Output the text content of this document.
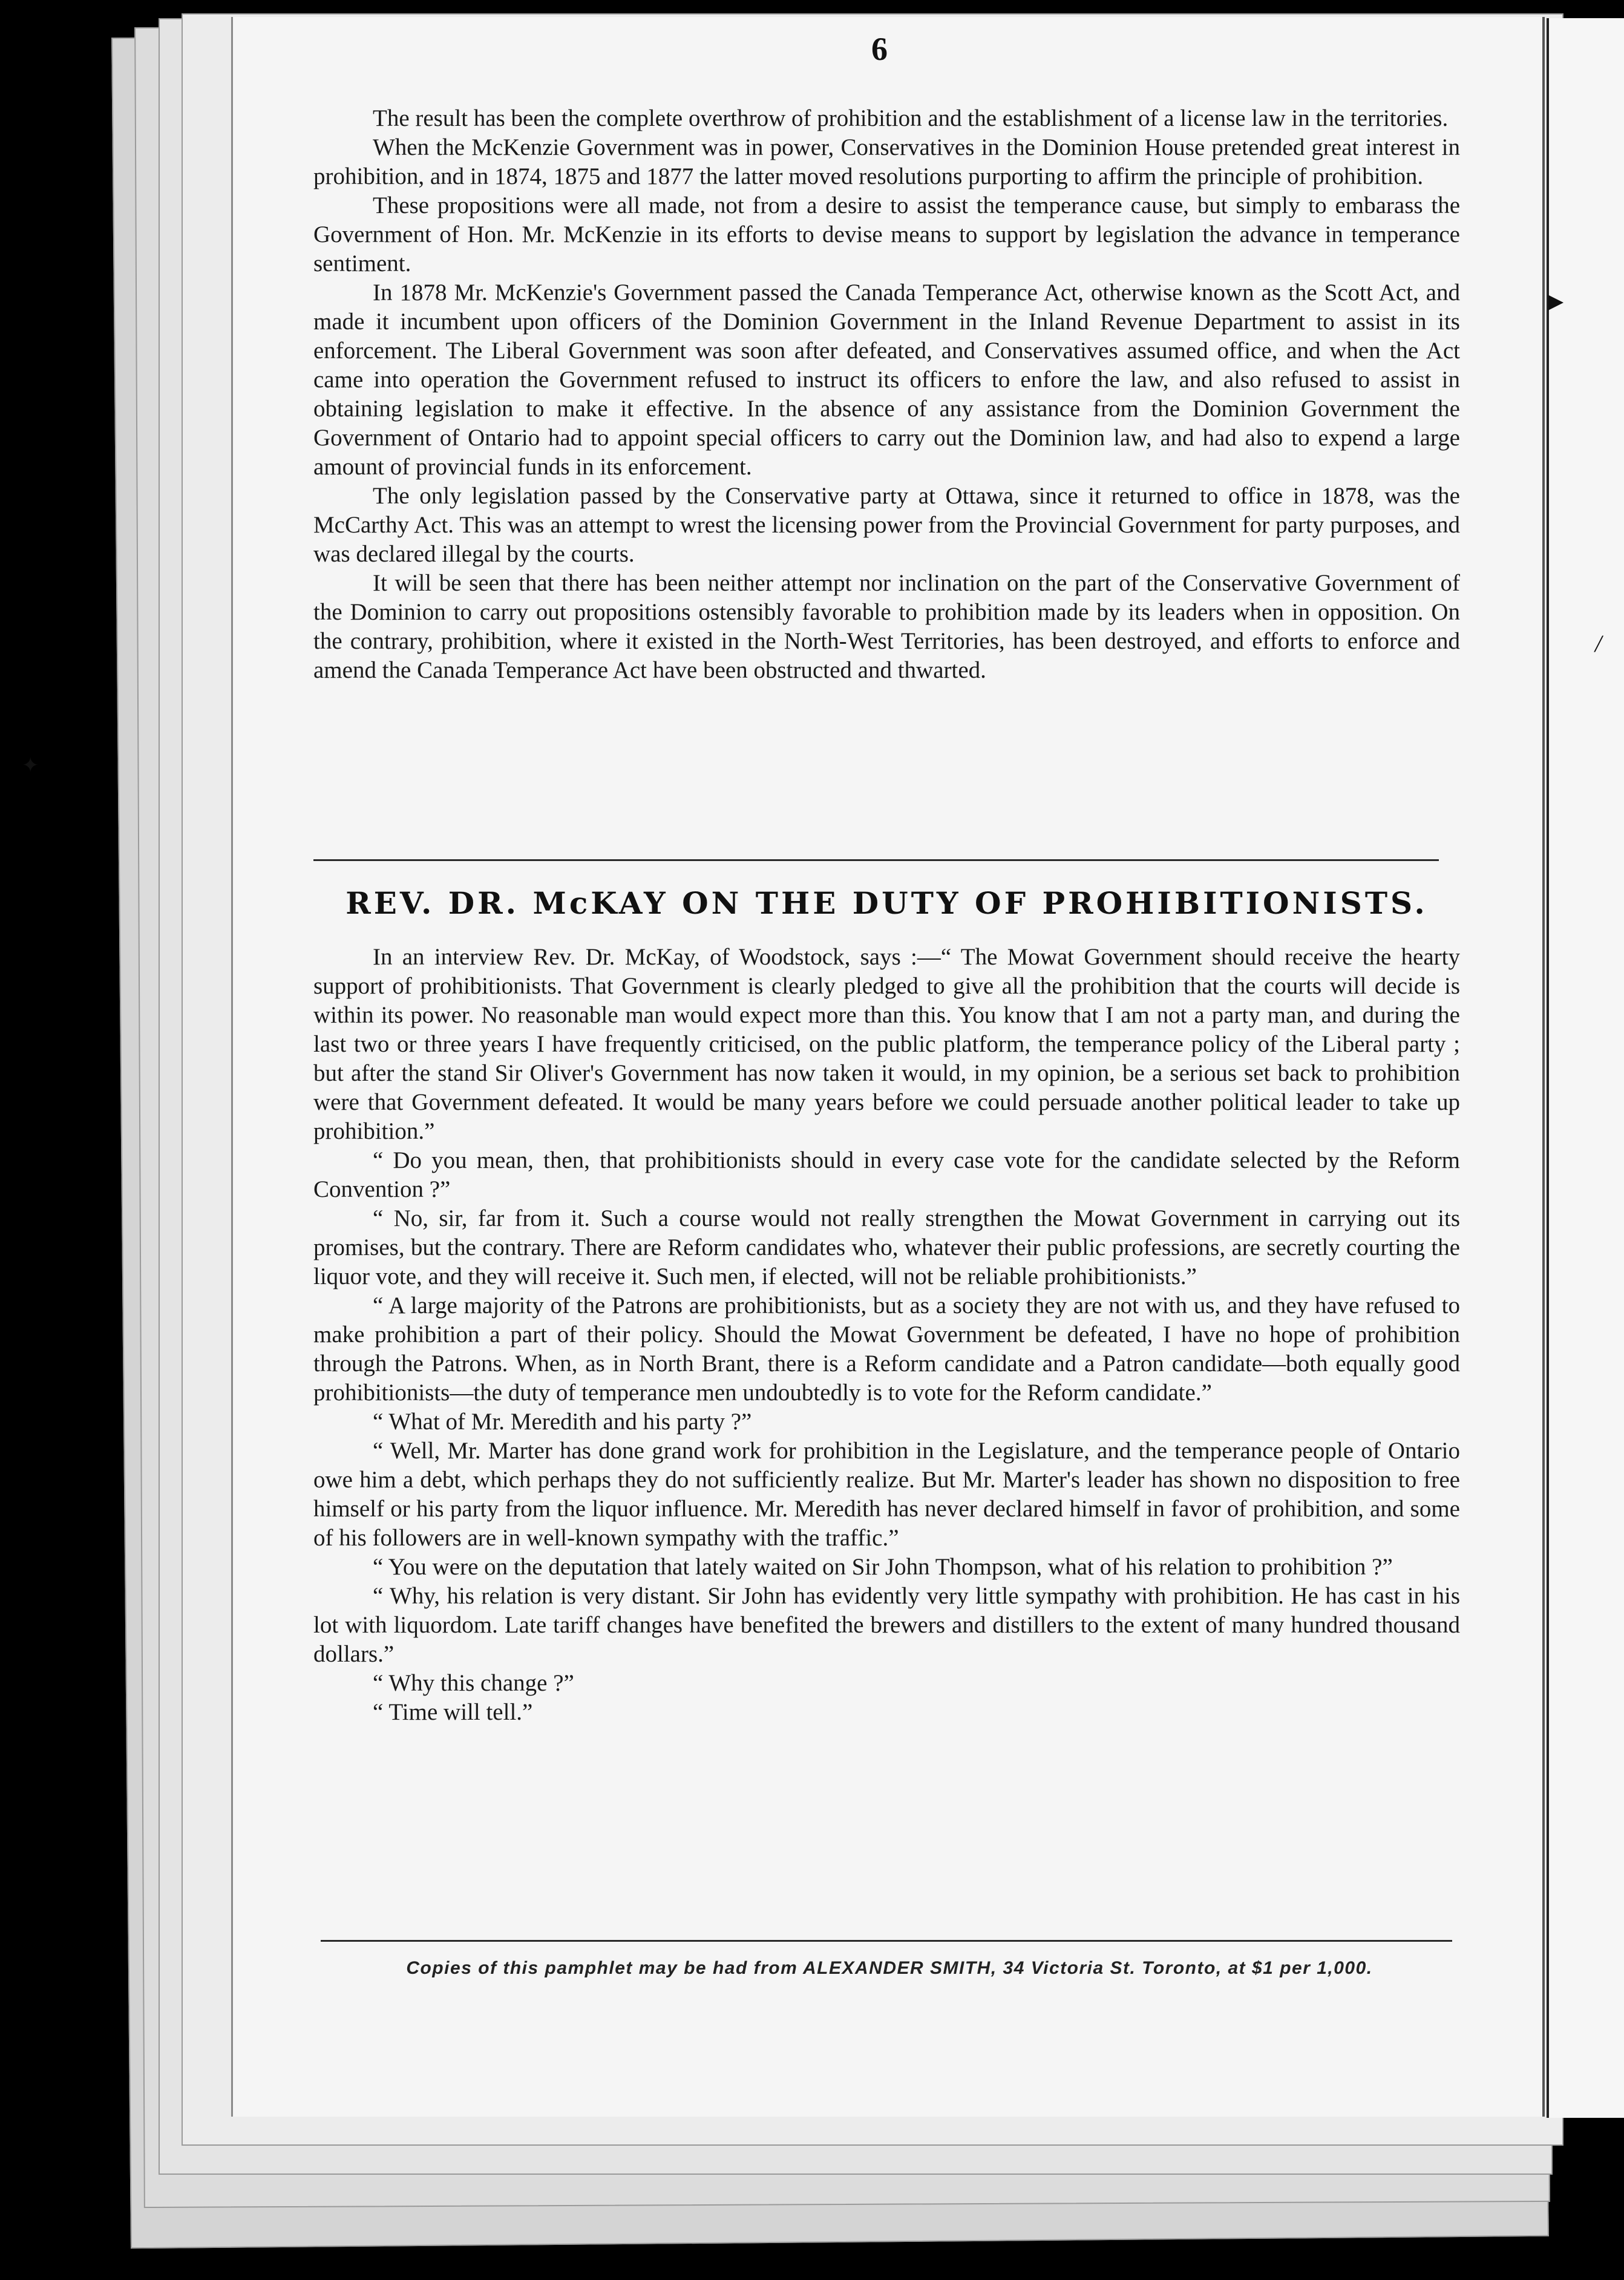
▶
/
✦
6

The result has been the complete overthrow of prohibition and the establishment of a license law in the territories.

When the McKenzie Government was in power, Conservatives in the Dominion House pretended great interest in prohibition, and in 1874, 1875 and 1877 the latter moved resolutions purporting to affirm the principle of prohibition.

These propositions were all made, not from a desire to assist the temperance cause, but simply to embarass the Government of Hon. Mr. McKenzie in its efforts to devise means to support by legislation the advance in temperance sentiment.

In 1878 Mr. McKenzie's Government passed the Canada Temperance Act, otherwise known as the Scott Act, and made it incumbent upon officers of the Dominion Government in the Inland Revenue Department to assist in its enforcement. The Liberal Government was soon after defeated, and Conservatives assumed office, and when the Act came into operation the Government refused to instruct its officers to enfore the law, and also refused to assist in obtaining legislation to make it effective. In the absence of any assistance from the Dominion Government the Government of Ontario had to appoint special officers to carry out the Dominion law, and had also to expend a large amount of provincial funds in its enforcement.

The only legislation passed by the Conservative party at Ottawa, since it returned to office in 1878, was the McCarthy Act. This was an attempt to wrest the licensing power from the Provincial Government for party purposes, and was declared illegal by the courts.

It will be seen that there has been neither attempt nor inclination on the part of the Conservative Government of the Dominion to carry out propositions ostensibly favorable to prohibition made by its leaders when in opposition. On the contrary, prohibition, where it existed in the North-West Territories, has been destroyed, and efforts to enforce and amend the Canada Temperance Act have been obstructed and thwarted.

REV. DR. McKAY ON THE DUTY OF PROHIBITIONISTS.

In an interview Rev. Dr. McKay, of Woodstock, says :—“ The Mowat Government should receive the hearty support of prohibitionists. That Government is clearly pledged to give all the prohibition that the courts will decide is within its power. No reasonable man would expect more than this. You know that I am not a party man, and during the last two or three years I have frequently criticised, on the public platform, the temperance policy of the Liberal party ; but after the stand Sir Oliver's Government has now taken it would, in my opinion, be a serious set back to prohibition were that Government defeated. It would be many years before we could persuade another political leader to take up prohibition.”

“ Do you mean, then, that prohibitionists should in every case vote for the candidate selected by the Reform Convention ?”

“ No, sir, far from it. Such a course would not really strengthen the Mowat Government in carrying out its promises, but the contrary. There are Reform candidates who, whatever their public professions, are secretly courting the liquor vote, and they will receive it. Such men, if elected, will not be reliable prohibitionists.”

“ A large majority of the Patrons are prohibitionists, but as a society they are not with us, and they have refused to make prohibition a part of their policy. Should the Mowat Government be defeated, I have no hope of prohibition through the Patrons. When, as in North Brant, there is a Reform candidate and a Patron candidate—both equally good prohibitionists—the duty of temperance men undoubtedly is to vote for the Reform candidate.”

“ What of Mr. Meredith and his party ?”

“ Well, Mr. Marter has done grand work for prohibition in the Legislature, and the temperance people of Ontario owe him a debt, which perhaps they do not sufficiently realize. But Mr. Marter's leader has shown no disposition to free himself or his party from the liquor influence. Mr. Meredith has never declared himself in favor of prohibition, and some of his followers are in well-known sympathy with the traffic.”

“ You were on the deputation that lately waited on Sir John Thompson, what of his relation to prohibition ?”

“ Why, his relation is very distant. Sir John has evidently very little sympathy with prohibition. He has cast in his lot with liquordom. Late tariff changes have benefited the brewers and distillers to the extent of many hundred thousand dollars.”

“ Why this change ?”

“ Time will tell.”

Copies of this pamphlet may be had from ALEXANDER SMITH, 34 Victoria St. Toronto, at $1 per 1,000.
